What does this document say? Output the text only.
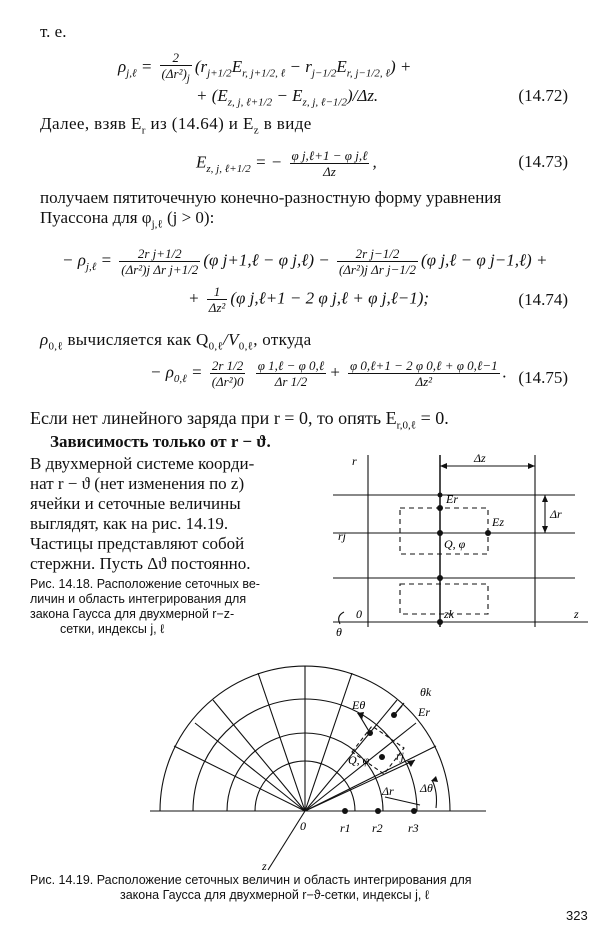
т. е.
$\rho_{j,\ell} = \frac{2}{(\Delta r^2)_j} (r_{j+1/2}E_{r, j+1/2, \ell} - r_{j-1/2}E_{r, j-1/2, \ell})$ +
+ $(E_{z, j, \ell+1/2} - E_{z, j, \ell-1/2})/\Delta z$.	(14.72)
Далее, взяв $E_r$ из (14.64) и $E_z$ в виде
$E_{z, j, \ell+1/2}$ = − $\frac{\text{φ j,ℓ+1 − φ j,ℓ}}{\Delta z}$ ,	(14.73)
получаем пятиточечную конечно-разностную форму уравнения
Пуассона для $\varphi_{j,\ell}$ (j > 0):
− $\rho_{j,\ell} = \frac{\text{2r j+1/2}}{\text{(Δr²)j Δr j+1/2}} (\varphi$ j+1,ℓ − φ j,ℓ) − $\frac{\text{2r j−1/2}}{\text{(Δr²)j Δr j−1/2}} (\varphi$ j,ℓ − φ j−1,ℓ) +
+ $\frac{1}{\text{Δz²}} (\varphi$ j,ℓ+1 − 2 φ j,ℓ + φ j,ℓ−1);	(14.74)
$\rho_{0,\ell}$ вычисляется как $Q_{0,\ell}/V_{0,\ell}$, откуда
− $\rho_{0,\ell} = \frac{2r 1/2}{\text{(Δr²)0}}$
$\frac{\text{φ 1,ℓ − φ 0,ℓ}}{\Delta r 1/2} + \frac{\text{φ 0,ℓ+1 − 2 φ 0,ℓ + φ 0,ℓ−1}}{\text{Δz²}}$ . (14.75)
Если нет линейного заряда при r = 0, то опять $E_{r,0,\ell} = 0$.
Зависимость только от r − ϑ.
В двухмерной системе коорди-
нат r − ϑ (нет изменения по z)
ячейки и сеточные величины
выглядят, как на рис. 14.19.
Частицы представляют собой
стержни. Пусть Δϑ постоянно.
Рис. 14.18. Расположение сеточных ве-
личин и область интегрирования для
закона Гаусса для двухмерной r−z-
сетки, индексы j, ℓ
r	Δz
Δr
Er
Ez
Q, φ
rj
0	zk	z
θ
Eθ
θk
Er
Q, φ rj
Δr Δθ
0	r1 r2 r3
z
Рис. 14.19. Расположение сеточных величин и область интегрирования для
закона Гаусса для двухмерной r−ϑ-сетки, индексы j, ℓ
323
